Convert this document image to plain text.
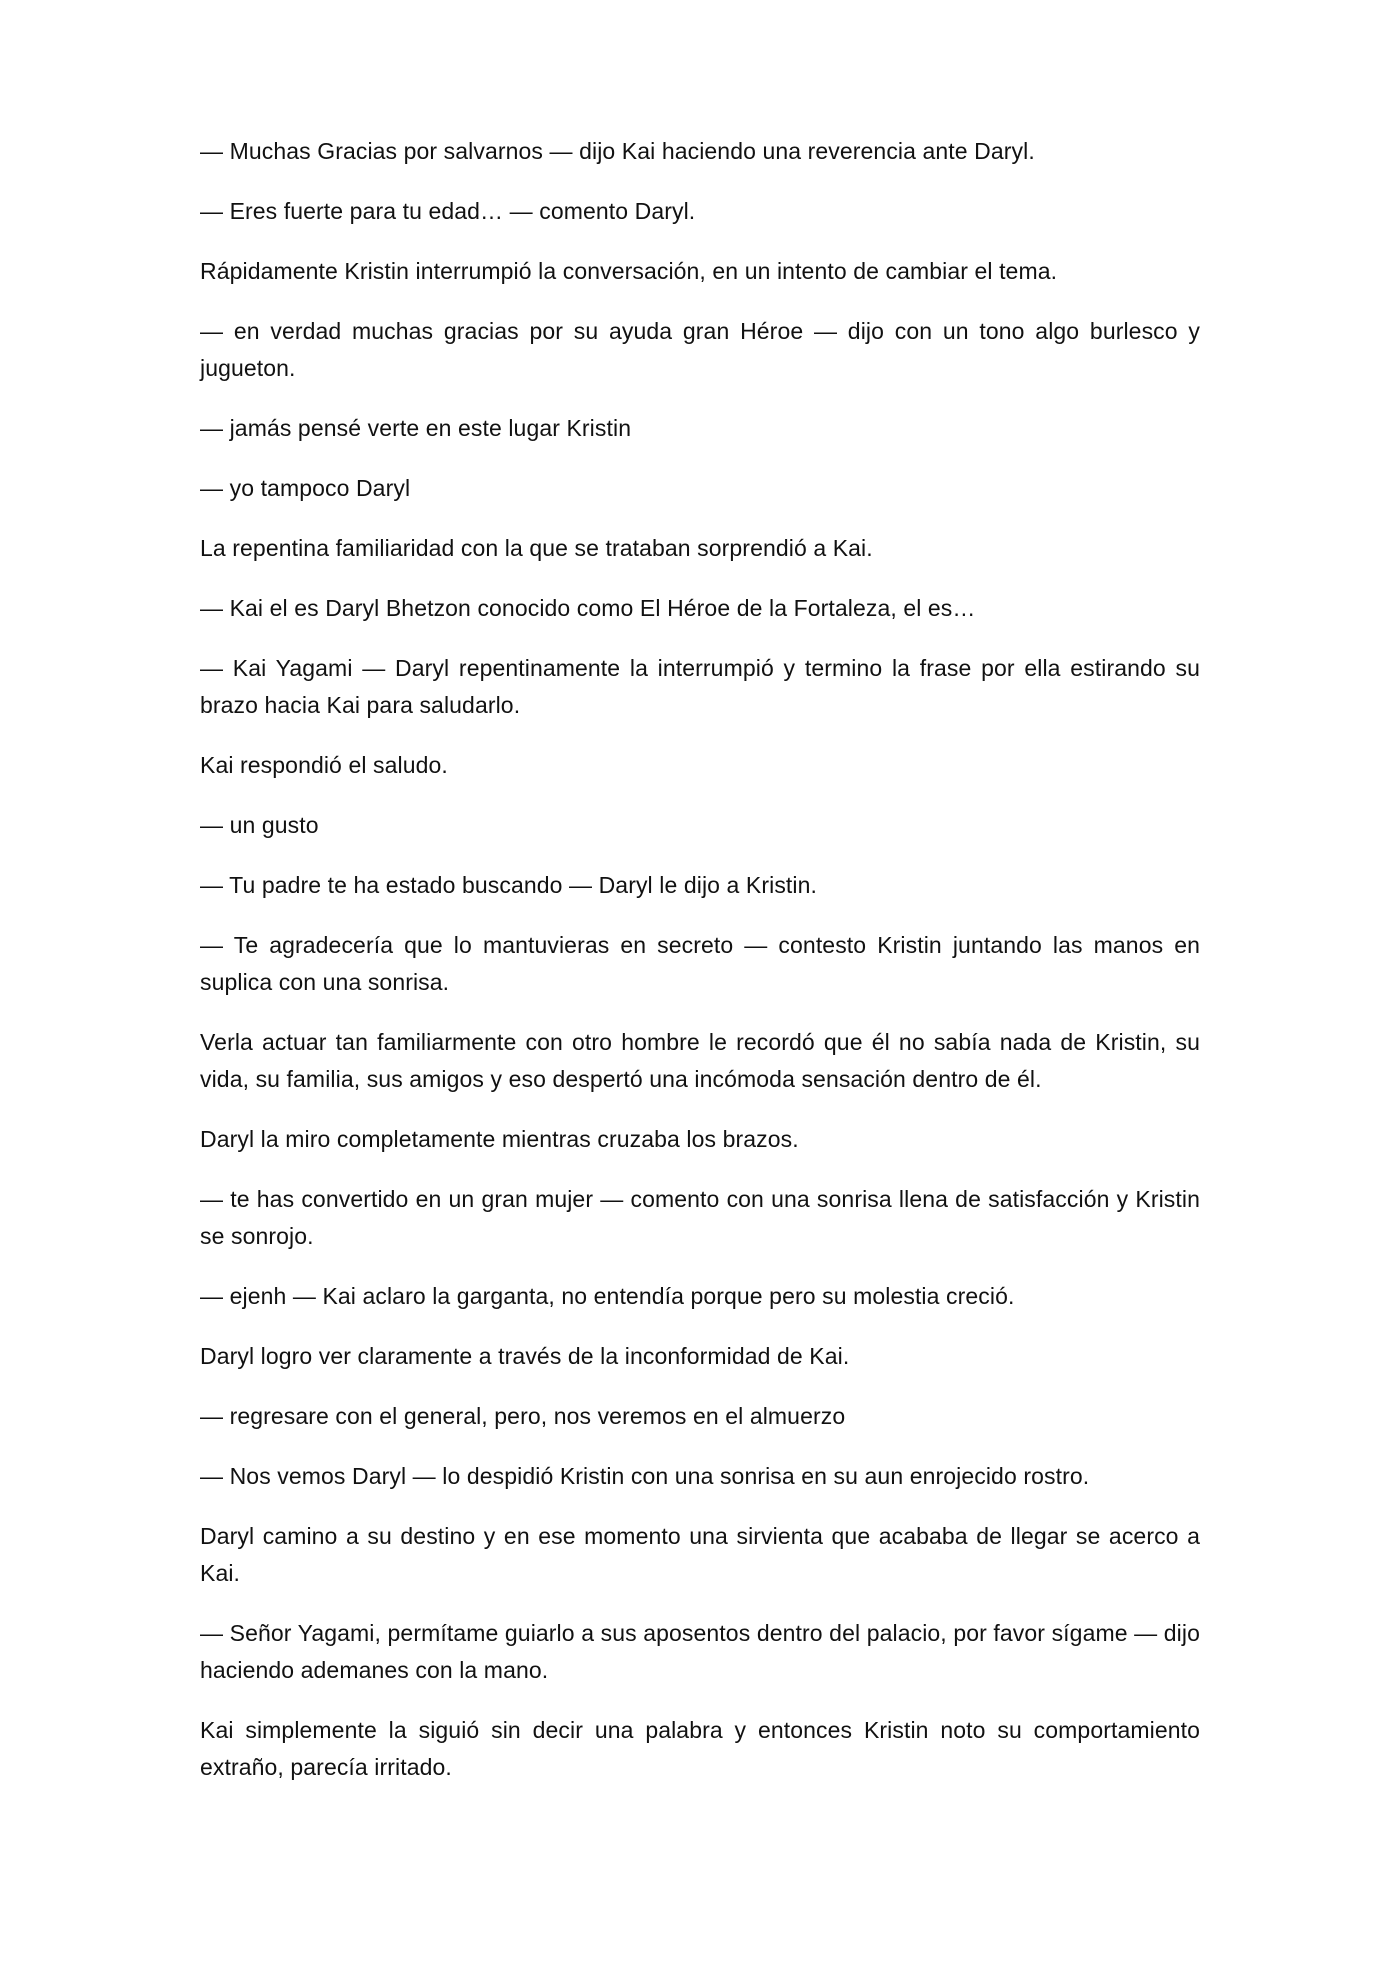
— Muchas Gracias por salvarnos — dijo Kai haciendo una reverencia ante Daryl.

— Eres fuerte para tu edad… — comento Daryl.

Rápidamente Kristin interrumpió la conversación, en un intento de cambiar el tema.

— en verdad muchas gracias por su ayuda gran Héroe — dijo con un tono algo burlesco y jugueton.

— jamás pensé verte en este lugar Kristin

— yo tampoco Daryl

La repentina familiaridad con la que se trataban sorprendió a Kai.

— Kai el es Daryl Bhetzon conocido como El Héroe de la Fortaleza, el es…

— Kai Yagami — Daryl repentinamente la interrumpió y termino la frase por ella estirando su brazo hacia Kai para saludarlo.

Kai respondió el saludo.

— un gusto

— Tu padre te ha estado buscando — Daryl le dijo a Kristin.

— Te agradecería que lo mantuvieras en secreto — contesto Kristin juntando las manos en suplica con una sonrisa.

Verla actuar tan familiarmente con otro hombre le recordó que él no sabía nada de Kristin, su vida, su familia, sus amigos y eso despertó una incómoda sensación dentro de él.

Daryl la miro completamente mientras cruzaba los brazos.

— te has convertido en un gran mujer — comento con una sonrisa llena de satisfacción y Kristin se sonrojo.

— ejenh — Kai aclaro la garganta, no entendía porque pero su molestia creció.

Daryl logro ver claramente a través de la inconformidad de Kai.

— regresare con el general, pero, nos veremos en el almuerzo

— Nos vemos Daryl — lo despidió Kristin con una sonrisa en su aun enrojecido rostro.

Daryl camino a su destino y en ese momento una sirvienta que acababa de llegar se acerco a Kai.

— Señor Yagami, permítame guiarlo a sus aposentos dentro del palacio, por favor sígame — dijo haciendo ademanes con la mano.

Kai simplemente la siguió sin decir una palabra y entonces Kristin noto su comportamiento extraño, parecía irritado.
